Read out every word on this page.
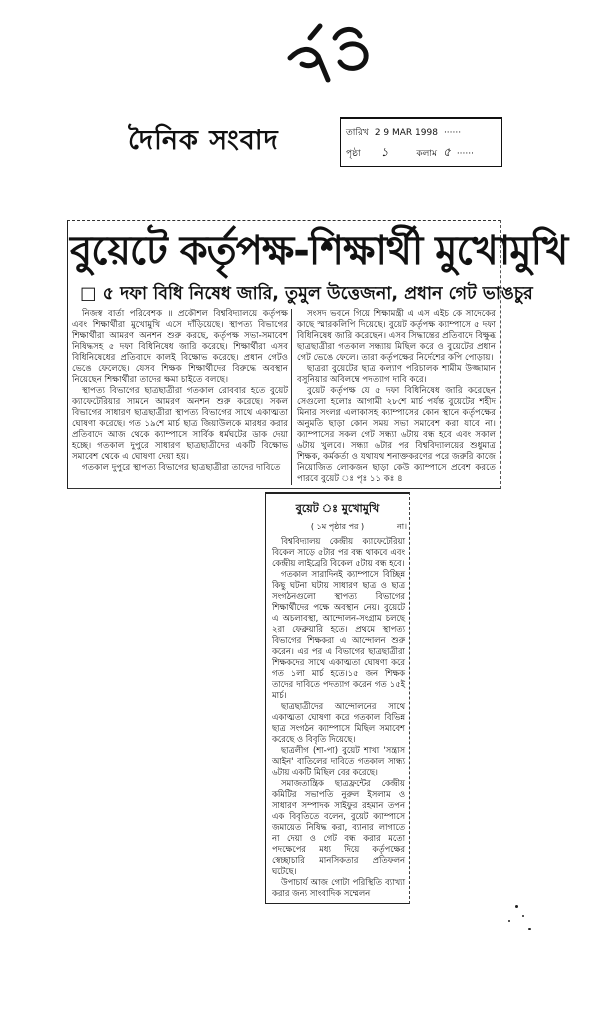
দৈনিক সংবাদ	তারিখ 2 9 MAR 1998 ······
পৃষ্ঠা ১	কলাম ৫ ······
বুয়েটে কর্তৃপক্ষ-শিক্ষার্থী মুখোমুখি
□ ৫ দফা বিধি নিষেধ জারি, তুমুল উত্তেজনা, প্রধান গেট ভাঙচুর

নিজস্ব বার্তা পরিবেশক ॥ প্রকৌশল বিশ্ববিদ্যালয়ে কর্তৃপক্ষ এবং শিক্ষার্থীরা মুখোমুখি এসে দাঁড়িয়েছে। স্থাপত্য বিভাগের শিক্ষার্থীরা আমরণ অনশন শুরু করছে, কর্তৃপক্ষ সভা-সমাবেশ নিষিদ্ধসহ ৫ দফা বিধিনিষেধ জারি করেছে। শিক্ষার্থীরা এসব বিধিনিষেধের প্রতিবাদে কালই বিক্ষোভ করেছে। প্রধান গেটও ভেঙে ফেলেছে। যেসব শিক্ষক শিক্ষার্থীদের বিরুদ্ধে অবস্থান নিয়েছেন শিক্ষার্থীরা তাদের ক্ষমা চাইতে বলছে।

স্থাপত্য বিভাগের ছাত্রছাত্রীরা গতকাল রোববার হতে বুয়েট ক্যাফেটেরিয়ার সামনে আমরণ অনশন শুরু করেছে। সকল বিভাগের সাধারণ ছাত্রছাত্রীরা স্থাপত্য বিভাগের সাথে একাত্মতা ঘোষণা করেছে। গত ১৯শে মার্চ ছাত্র জিয়াউলকে মারধর করার প্রতিবাদে আজ থেকে ক্যাম্পাসে সার্বিক ধর্মঘটের ডাক দেয়া হচ্ছে। গতকাল দুপুরে সাধারণ ছাত্রছাত্রীদের একটি বিক্ষোভ সমাবেশ থেকে এ ঘোষণা দেয়া হয়।

গতকাল দুপুরে স্থাপত্য বিভাগের ছাত্রছাত্রীরা তাদের দাবিতে

সংসদ ভবনে গিয়ে শিক্ষামন্ত্রী এ এস এইচ কে সাদেকের কাছে স্মারকলিপি দিয়েছে। বুয়েট কর্তৃপক্ষ ক্যাম্পাসে ৫ দফা বিধিনিষেধ জারি করেছেন। এসব সিদ্ধান্তের প্রতিবাদে বিক্ষুব্ধ ছাত্রছাত্রীরা গতকাল সন্ধ্যায় মিছিল করে ও বুয়েটের প্রধান গেট ভেঙে ফেলে। তারা কর্তৃপক্ষের নির্দেশের কপি পোড়ায়।

ছাত্ররা বুয়েটের ছাত্র কল্যাণ পরিচালক শামীম উজ্জামান বসুনিয়ার অবিলম্বে পদত্যাগ দাবি করে।

বুয়েট কর্তৃপক্ষ যে ৫ দফা বিধিনিষেধ জারি করেছেন সেগুলো হলোঃ আগামী ২৮শে মার্চ পর্যন্ত বুয়েটের শহীদ মিনার সংলগ্ন এলাকাসহ ক্যাম্পাসের কোন স্থানে কর্তৃপক্ষের অনুমতি ছাড়া কোন সময় সভা সমাবেশ করা যাবে না। ক্যাম্পাসের সকল গেট সন্ধ্যা ৬টায় বন্ধ হবে এবং সকাল ৬টায় খুলবে। সন্ধ্যা ৬টার পর বিশ্ববিদ্যালয়ের শুধুমাত্র শিক্ষক, কর্মকর্তা ও যথাযথ শনাক্তকরণের পরে জরুরি কাজে নিয়োজিত লোকজন ছাড়া কেউ ক্যাম্পাসে প্রবেশ করতে পারবে বুয়েট ঃ পৃঃ ১১ কঃ ৪

বুয়েট ঃ মুখোমুখি
( ১ম পৃষ্ঠার পর )	না।

বিশ্ববিদ্যালয় কেন্দ্রীয় ক্যাফেটেরিয়া বিকেল সাড়ে ৫টার পর বন্ধ থাকবে এবং কেন্দ্রীয় লাইব্রেরি বিকেল ৫টায় বন্ধ হবে।

গতকাল সারাদিনই ক্যাম্পাসে বিচ্ছিন্ন কিছু ঘটনা ঘটায় সাধারণ ছাত্র ও ছাত্র সংগঠনগুলো স্থাপত্য বিভাগের শিক্ষার্থীদের পক্ষে অবস্থান নেয়। বুয়েটে এ অচলাবস্থা, আন্দোলন-সংগ্রাম চলছে ২রা ফেব্রুয়ারি হতে। প্রথমে স্থাপত্য বিভাগের শিক্ষকরা এ আন্দোলন শুরু করেন। এর পর এ বিভাগের ছাত্রছাত্রীরা শিক্ষকদের সাথে একাত্মতা ঘোষণা করে গত ১লা মার্চ হতে।১৫ জন শিক্ষক তাদের দাবিতে পদত্যাগ করেন গত ১৫ই মার্চ।

ছাত্রছাত্রীদের আন্দোলনের সাথে একাত্মতা ঘোষণা করে গতকাল বিভিন্ন ছাত্র সংগঠন ক্যাম্পাসে মিছিল সমাবেশ করেছে ও বিবৃতি দিয়েছে।

ছাত্রলীগ (শা-পা) বুয়েট শাখা 'সন্ত্রাস আইন' বাতিলের দাবিতে গতকাল সান্ধ্য ৬টায় একটি মিছিল বের করেছে।

সমাজতান্ত্রিক ছাত্রফ্রন্টের কেন্দ্রীয় কমিটির সভাপতি নুরুল ইসলাম ও সাধারণ সম্পাদক সাইফুর রহমান তপন এক বিবৃতিতে বলেন, বুয়েট ক্যাম্পাসে জমায়েত নিষিদ্ধ করা, ব্যানার লাগাতে না দেয়া ও গেট বন্ধ করার মতো পদক্ষেপের মধ্য দিয়ে কর্তৃপক্ষের স্বেচ্ছাচারি মানসিকতার প্রতিফলন ঘটেছে।

উপাচার্য আজ গোটা পরিস্থিতি ব্যাখ্যা করার জন্য সাংবাদিক সম্মেলন
